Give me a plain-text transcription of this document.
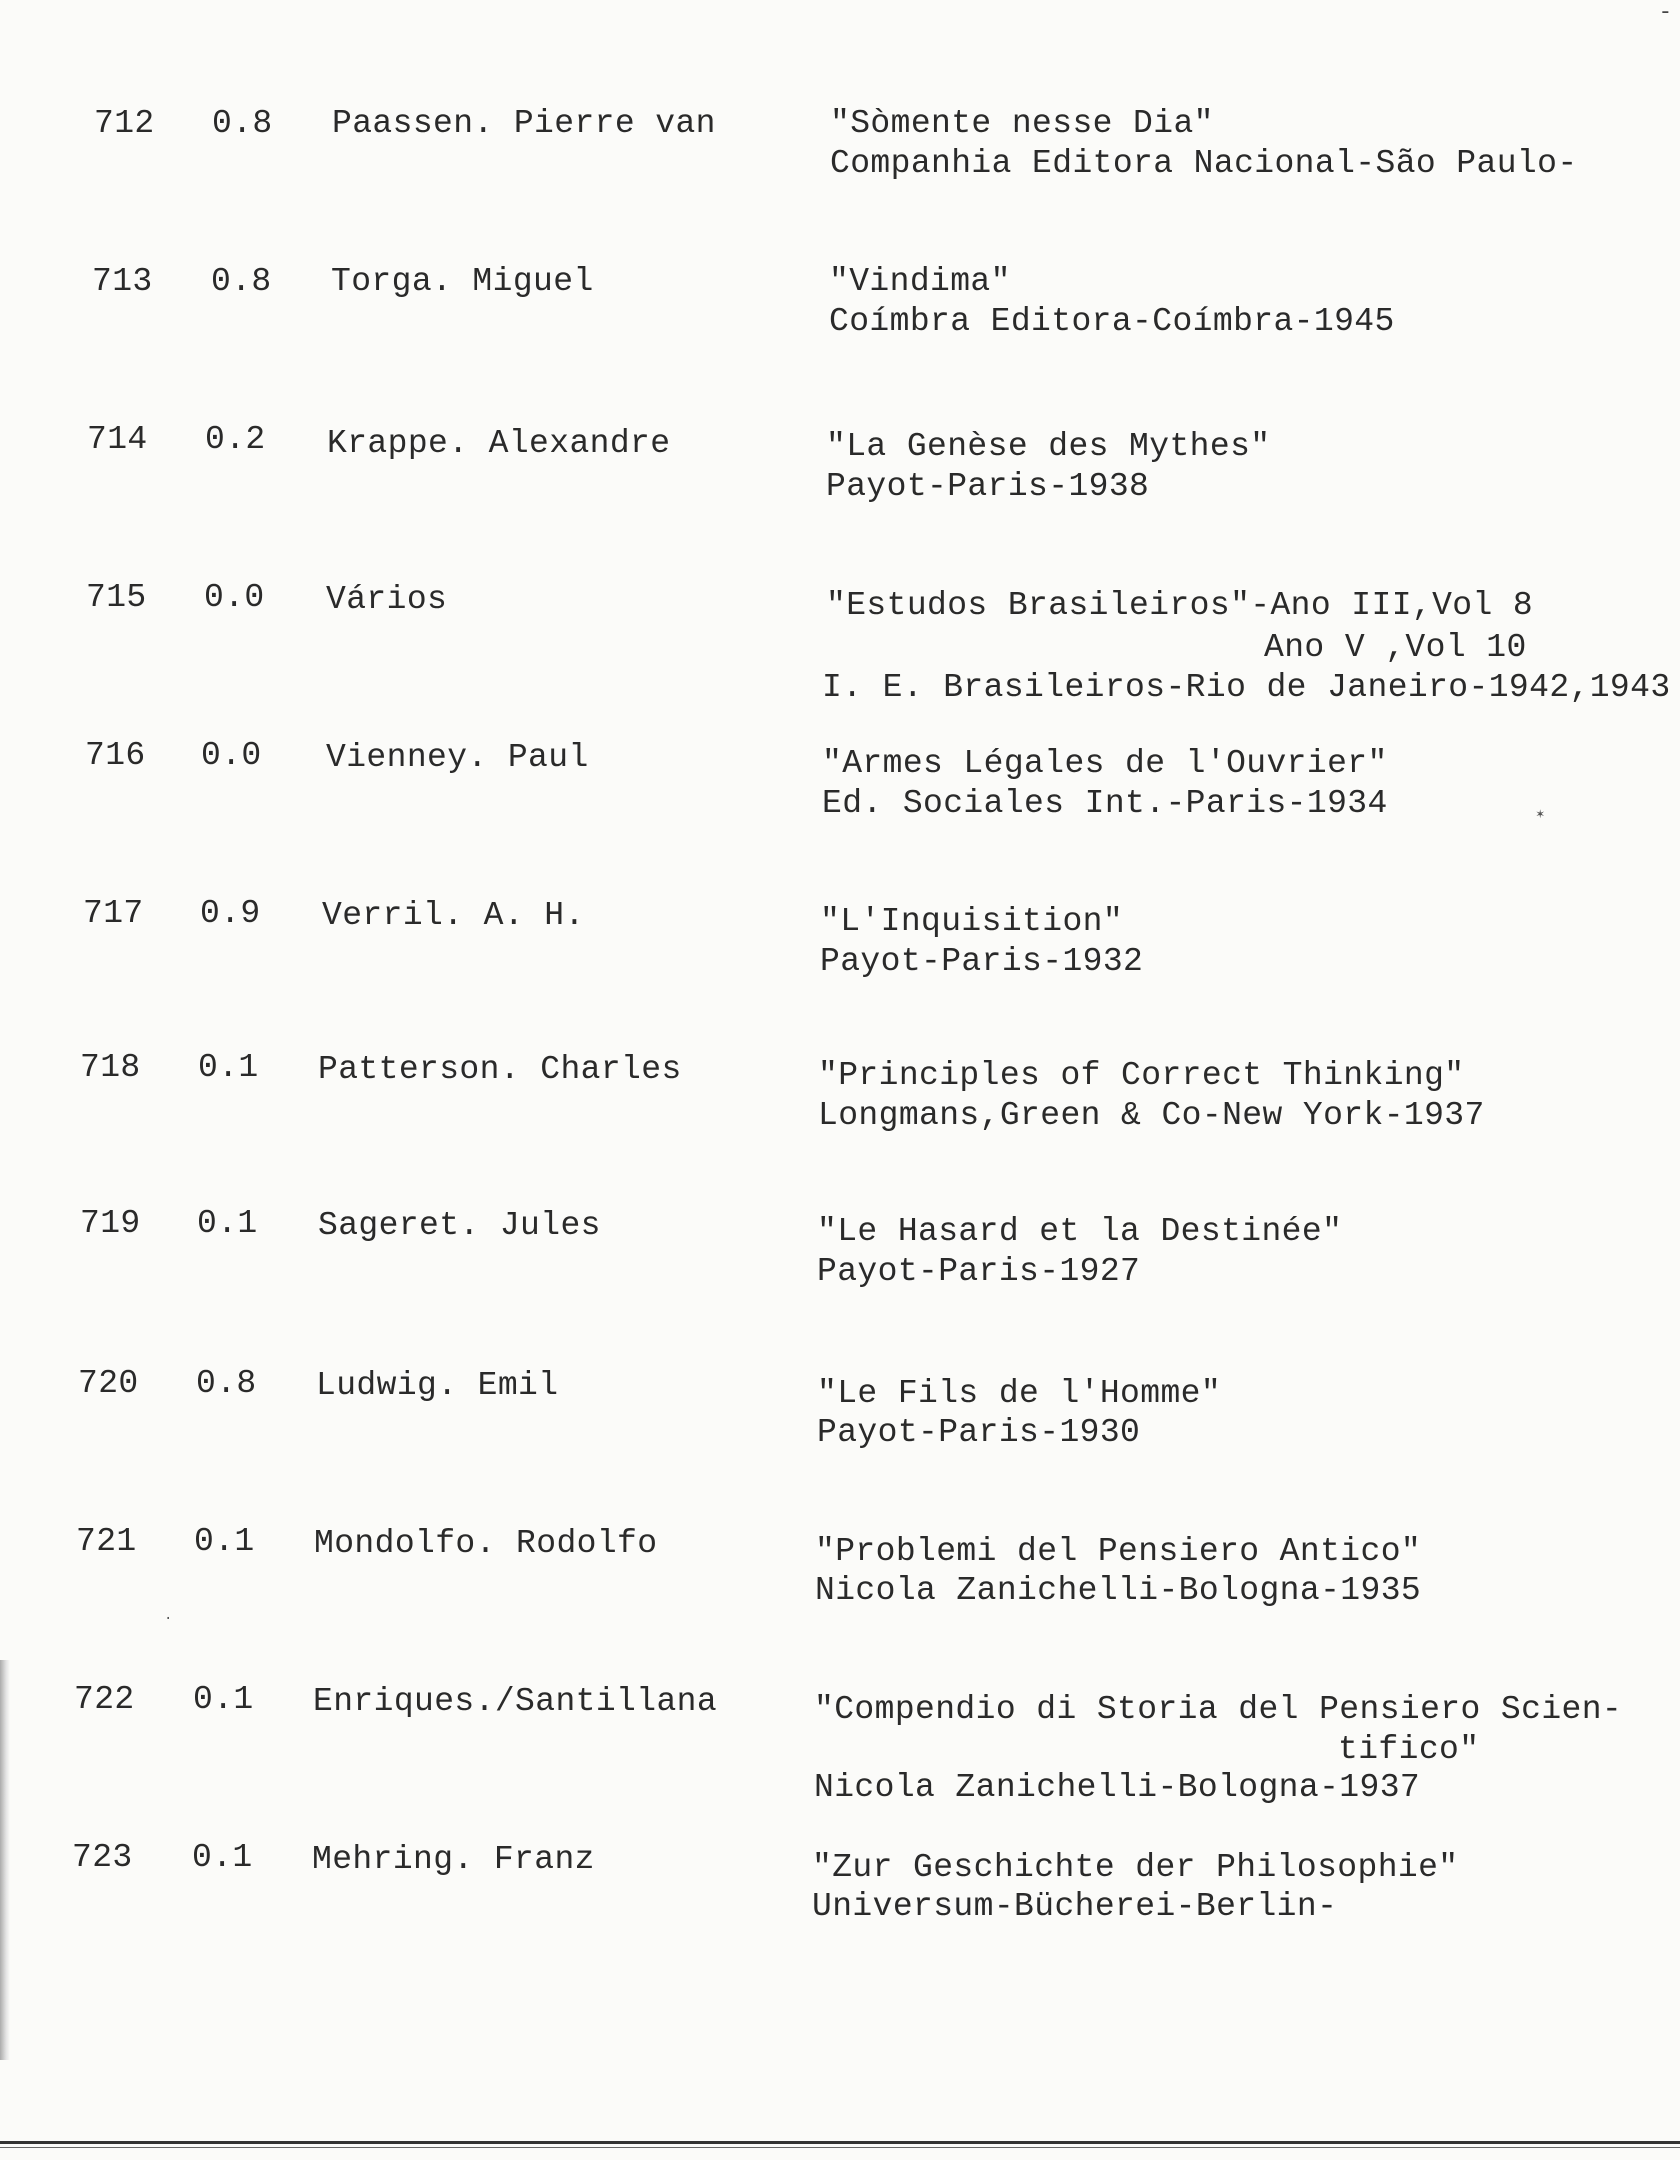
-
712 0.8 Paassen. Pierre van	"Sòmente nesse Dia"
Companhia Editora Nacional-São Paulo-
713 0.8 Torga. Miguel	"Vindima"
Coímbra Editora-Coímbra-1945
714 0.2 Krappe. Alexandre	"La Genèse des Mythes"
Payot-Paris-1938
715 0.0 Vários	"Estudos Brasileiros"-Ano III,Vol 8
Ano V ,Vol 10
I. E. Brasileiros-Rio de Janeiro-1942,1943
716 0.0 Vienney. Paul	"Armes Légales de l'Ouvrier"
Ed. Sociales Int.-Paris-1934
717 0.9 Verril. A. H.	"L'Inquisition"
Payot-Paris-1932
718 0.1 Patterson. Charles	"Principles of Correct Thinking"
Longmans,Green & Co-New York-1937
719 0.1 Sageret. Jules	"Le Hasard et la Destinée"
Payot-Paris-1927
720 0.8 Ludwig. Emil	"Le Fils de l'Homme"
Payot-Paris-1930
721 0.1 Mondolfo. Rodolfo	"Problemi del Pensiero Antico"
Nicola Zanichelli-Bologna-1935
722 0.1 Enriques./Santillana	"Compendio di Storia del Pensiero Scien-
tifico"
Nicola Zanichelli-Bologna-1937
723 0.1 Mehring. Franz	"Zur Geschichte der Philosophie"
Universum-Bücherei-Berlin-
✶
·
